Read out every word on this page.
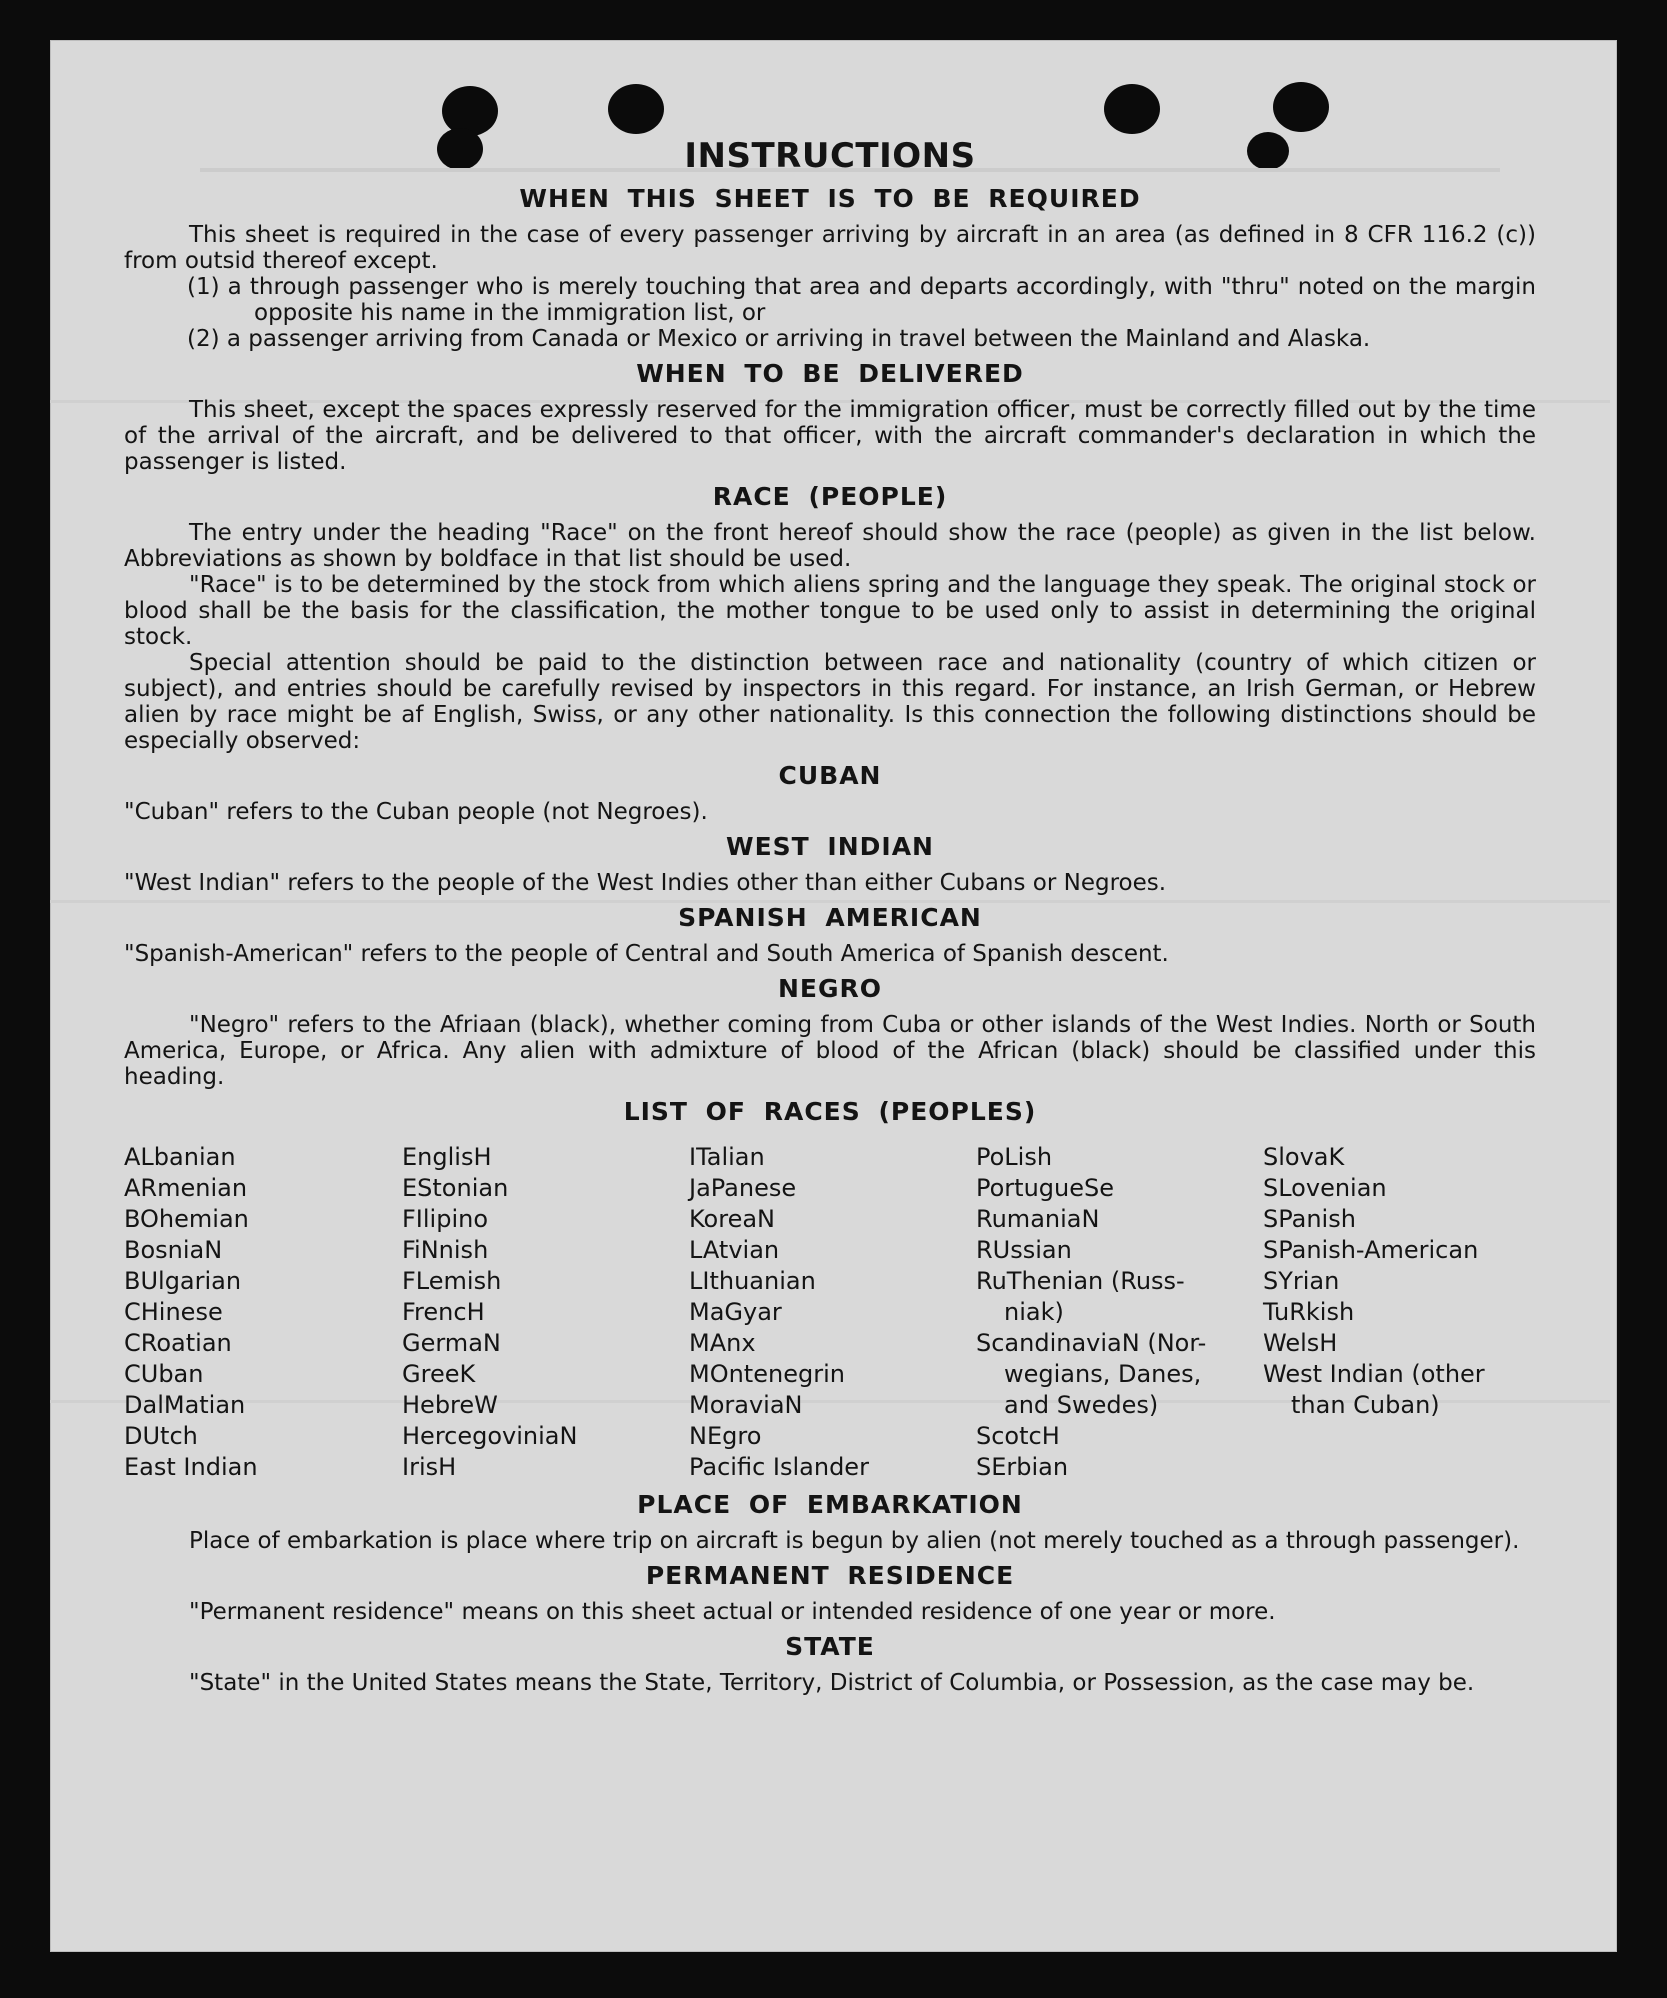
INSTRUCTIONS
WHEN THIS SHEET IS TO BE REQUIRED

This sheet is required in the case of every passenger arriving by aircraft in an area (as defined in 8 CFR 116.2 (c)) from outsid thereof except.

(1) a through passenger who is merely touching that area and departs accordingly, with "thru" noted on the margin opposite his name in the immigration list, or

(2) a passenger arriving from Canada or Mexico or arriving in travel between the Mainland and Alaska.

WHEN TO BE DELIVERED

This sheet, except the spaces expressly reserved for the immigration officer, must be correctly filled out by the time of the arrival of the aircraft, and be delivered to that officer, with the aircraft commander's declaration in which the passenger is listed.

RACE (PEOPLE)

The entry under the heading "Race" on the front hereof should show the race (people) as given in the list below. Abbreviations as shown by boldface in that list should be used.

"Race" is to be determined by the stock from which aliens spring and the language they speak. The original stock or blood shall be the basis for the classification, the mother tongue to be used only to assist in determining the original stock.

Special attention should be paid to the distinction between race and nationality (country of which citizen or subject), and entries should be carefully revised by inspectors in this regard. For instance, an Irish German, or Hebrew alien by race might be af English, Swiss, or any other nationality. Is this connection the following distinctions should be especially observed:

CUBAN

"Cuban" refers to the Cuban people (not Negroes).

WEST INDIAN

"West Indian" refers to the people of the West Indies other than either Cubans or Negroes.

SPANISH AMERICAN

"Spanish-American" refers to the people of Central and South America of Spanish descent.

NEGRO

"Negro" refers to the Afriaan (black), whether coming from Cuba or other islands of the West Indies. North or South America, Europe, or Africa. Any alien with admixture of blood of the African (black) should be classified under this heading.

LIST OF RACES (PEOPLES)
ALbanian
ARmenian
BOhemian
BosniaN
BUlgarian
CHinese
CRoatian
CUban
DalMatian
DUtch
East Indian
EnglisH
EStonian
FIlipino
FiNnish
FLemish
FrencH
GermaN
GreeK
HebreW
HercegoviniaN
IrisH
ITalian
JaPanese
KoreaN
LAtvian
LIthuanian
MaGyar
MAnx
MOntenegrin
MoraviaN
NEgro
Pacific Islander
PoLish
PortugueSe
RumaniaN
RUssian
RuThenian (Russ-
niak)
ScandinaviaN (Nor-
wegians, Danes,
and Swedes)
ScotcH
SErbian
SlovaK
SLovenian
SPanish
SPanish-American
SYrian
TuRkish
WelsH
West Indian (other
than Cuban)
PLACE OF EMBARKATION

Place of embarkation is place where trip on aircraft is begun by alien (not merely touched as a through passenger).

PERMANENT RESIDENCE

"Permanent residence" means on this sheet actual or intended residence of one year or more.

STATE

"State" in the United States means the State, Territory, District of Columbia, or Possession, as the case may be.
